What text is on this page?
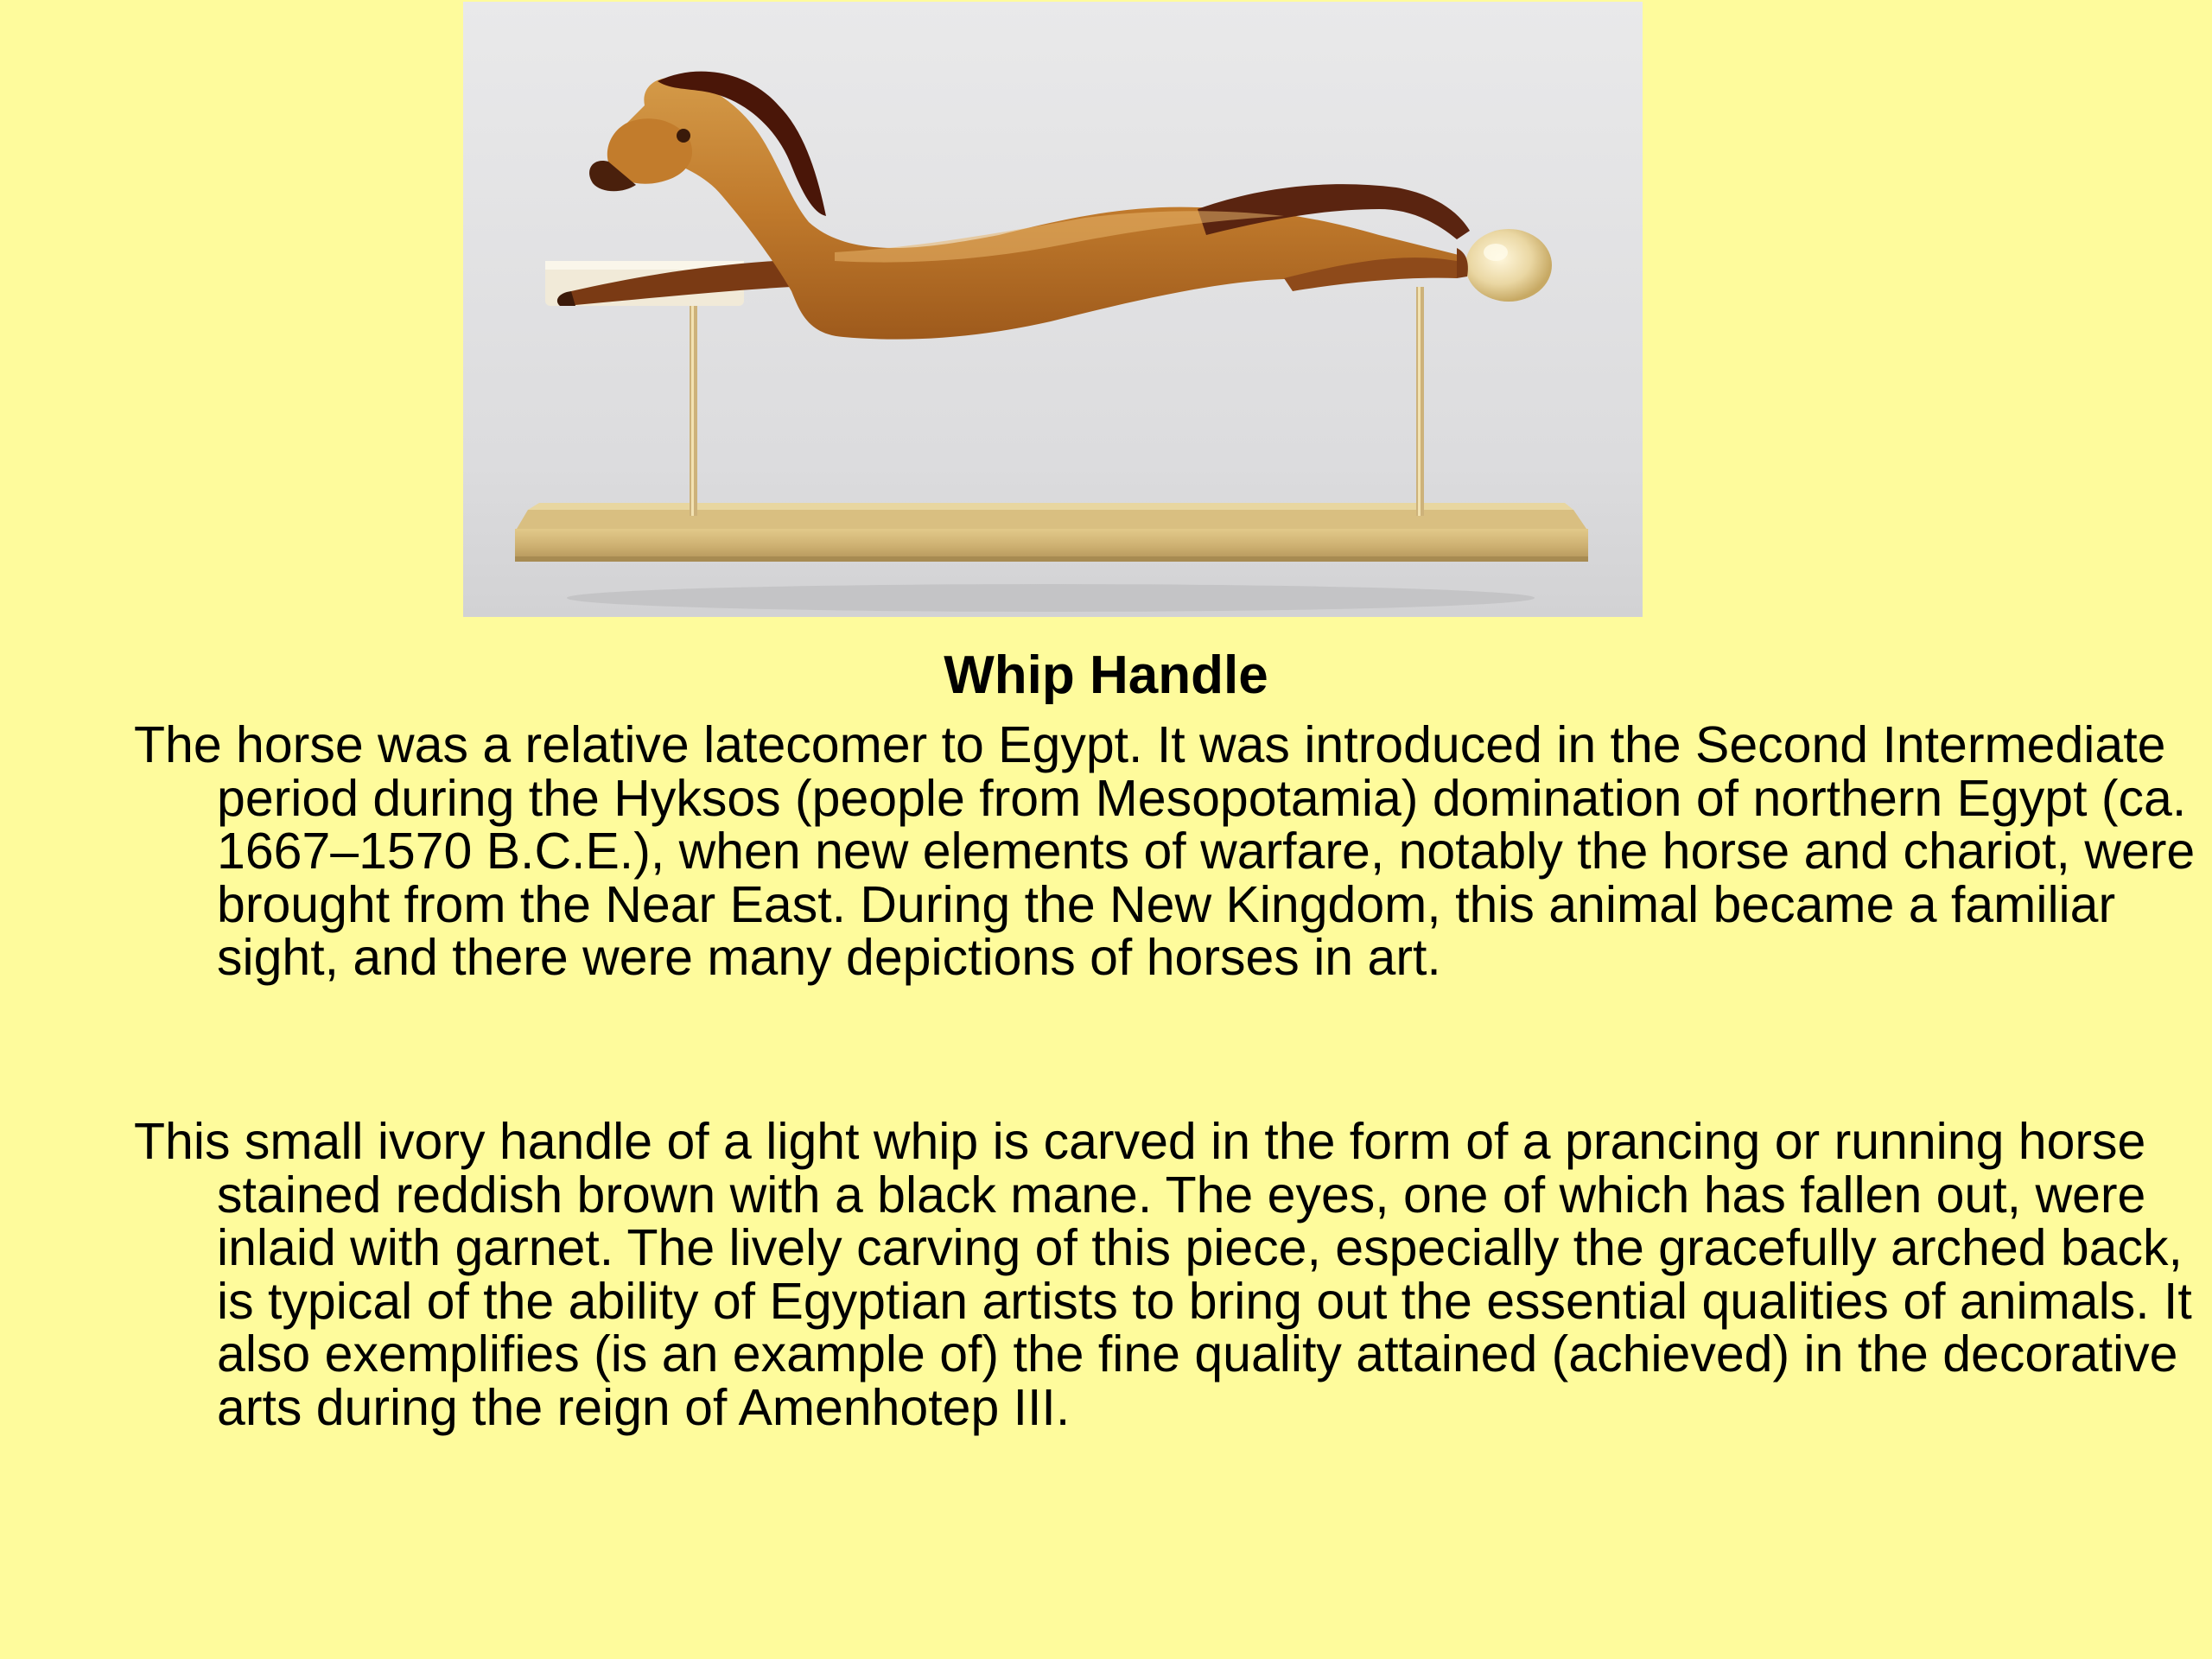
Whip Handle

The horse was a relative latecomer to Egypt. It was introduced in the Second Intermediate period during the Hyksos (people from Mesopotamia) domination of northern Egypt (ca. 1667–1570 B.C.E.), when new elements of warfare, notably the horse and chariot, were brought from the Near East. During the New Kingdom, this animal became a familiar sight, and there were many depictions of horses in art.

This small ivory handle of a light whip is carved in the form of a prancing or running horse stained reddish brown with a black mane. The eyes, one of which has fallen out, were inlaid with garnet. The lively carving of this piece, especially the gracefully arched back, is typical of the ability of Egyptian artists to bring out the essential qualities of animals. It also exemplifies (is an example of) the fine quality attained (achieved) in the decorative arts during the reign of Amenhotep III.
